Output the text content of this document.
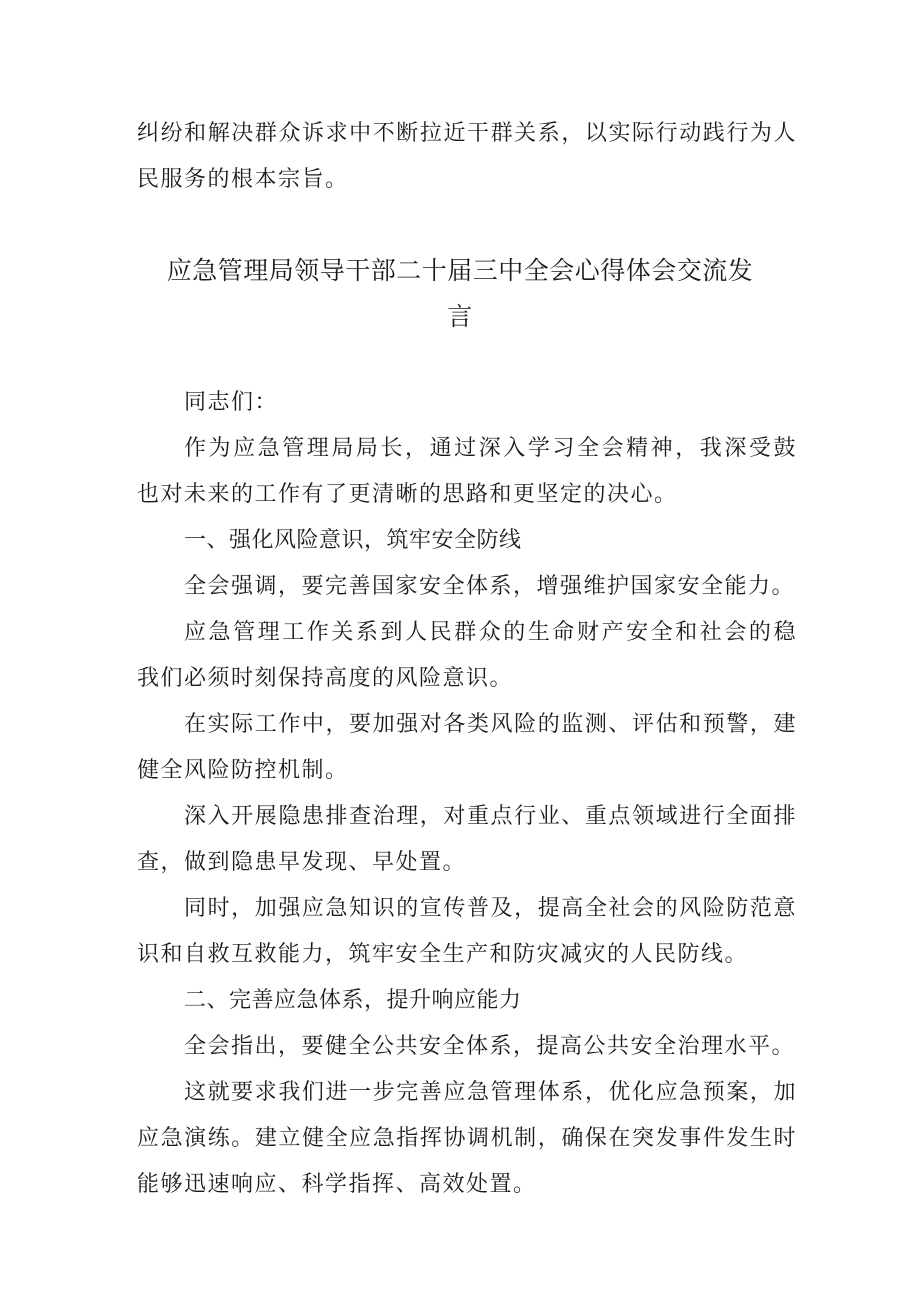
纠纷和解决群众诉求中不断拉近干群关系，以实际行动践行为人
民服务的根本宗旨。
应急管理局领导干部二十届三中全会心得体会交流发
言
同志们：
作为应急管理局局长，通过深入学习全会精神，我深受鼓
也对未来的工作有了更清晰的思路和更坚定的决心。
一、强化风险意识，筑牢安全防线
全会强调，要完善国家安全体系，增强维护国家安全能力。
应急管理工作关系到人民群众的生命财产安全和社会的稳
我们必须时刻保持高度的风险意识。
在实际工作中，要加强对各类风险的监测、评估和预警，建
健全风险防控机制。
深入开展隐患排查治理，对重点行业、重点领域进行全面排
查，做到隐患早发现、早处置。
同时，加强应急知识的宣传普及，提高全社会的风险防范意
识和自救互救能力，筑牢安全生产和防灾减灾的人民防线。
二、完善应急体系，提升响应能力
全会指出，要健全公共安全体系，提高公共安全治理水平。
这就要求我们进一步完善应急管理体系，优化应急预案，加
应急演练。建立健全应急指挥协调机制，确保在突发事件发生时
能够迅速响应、科学指挥、高效处置。
